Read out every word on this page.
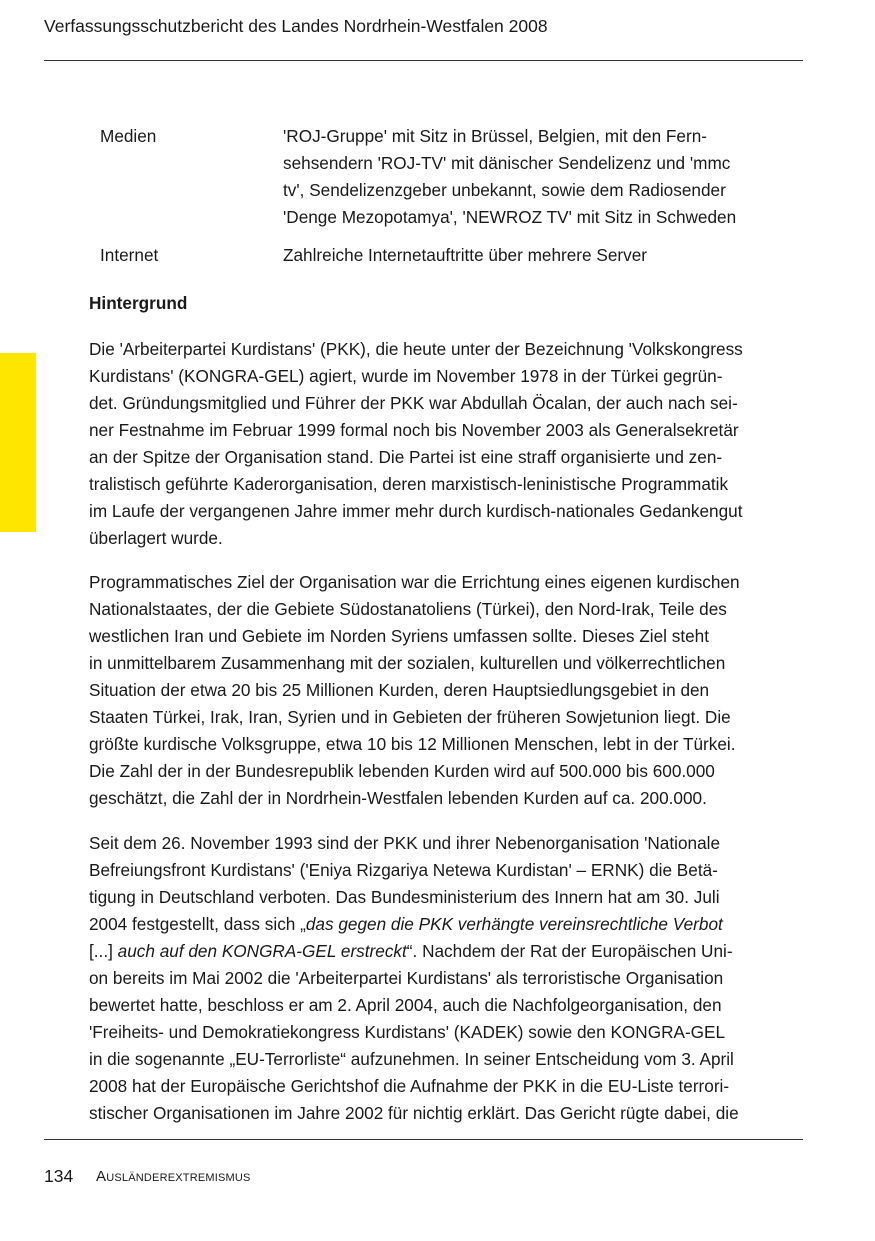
Verfassungsschutzbericht des Landes Nordrhein-Westfalen 2008
Medien	'ROJ-Gruppe' mit Sitz in Brüssel, Belgien, mit den Fern-
sehsendern 'ROJ-TV' mit dänischer Sendelizenz und 'mmc
tv', Sendelizenzgeber unbekannt, sowie dem Radiosender
'Denge Mezopotamya', 'NEWROZ TV' mit Sitz in Schweden
Internet	Zahlreiche Internetauftritte über mehrere Server
Hintergrund
Die 'Arbeiterpartei Kurdistans' (PKK), die heute unter der Bezeichnung 'Volkskongress
Kurdistans' (KONGRA-GEL) agiert, wurde im November 1978 in der Türkei gegrün-
det. Gründungsmitglied und Führer der PKK war Abdullah Öcalan, der auch nach sei-
ner Festnahme im Februar 1999 formal noch bis November 2003 als Generalsekretär
an der Spitze der Organisation stand. Die Partei ist eine straff organisierte und zen-
tralistisch geführte Kaderorganisation, deren marxistisch-leninistische Programmatik
im Laufe der vergangenen Jahre immer mehr durch kurdisch-nationales Gedankengut
überlagert wurde.
Programmatisches Ziel der Organisation war die Errichtung eines eigenen kurdischen
Nationalstaates, der die Gebiete Südostanatoliens (Türkei), den Nord-Irak, Teile des
westlichen Iran und Gebiete im Norden Syriens umfassen sollte. Dieses Ziel steht
in unmittelbarem Zusammenhang mit der sozialen, kulturellen und völkerrechtlichen
Situation der etwa 20 bis 25 Millionen Kurden, deren Hauptsiedlungsgebiet in den
Staaten Türkei, Irak, Iran, Syrien und in Gebieten der früheren Sowjetunion liegt. Die
größte kurdische Volksgruppe, etwa 10 bis 12 Millionen Menschen, lebt in der Türkei.
Die Zahl der in der Bundesrepublik lebenden Kurden wird auf 500.000 bis 600.000
geschätzt, die Zahl der in Nordrhein-Westfalen lebenden Kurden auf ca. 200.000.
Seit dem 26. November 1993 sind der PKK und ihrer Nebenorganisation 'Nationale
Befreiungsfront Kurdistans' ('Eniya Rizgariya Netewa Kurdistan' – ERNK) die Betä-
tigung in Deutschland verboten. Das Bundesministerium des Innern hat am 30. Juli
2004 festgestellt, dass sich „das gegen die PKK verhängte vereinsrechtliche Verbot
[...] auch auf den KONGRA-GEL erstreckt“. Nachdem der Rat der Europäischen Uni-
on bereits im Mai 2002 die 'Arbeiterpartei Kurdistans' als terroristische Organisation
bewertet hatte, beschloss er am 2. April 2004, auch die Nachfolgeorganisation, den
'Freiheits- und Demokratiekongress Kurdistans' (KADEK) sowie den KONGRA-GEL
in die sogenannte „EU-Terrorliste“ aufzunehmen. In seiner Entscheidung vom 3. April
2008 hat der Europäische Gerichtshof die Aufnahme der PKK in die EU-Liste terrori-
stischer Organisationen im Jahre 2002 für nichtig erklärt. Das Gericht rügte dabei, die
134 Ausländerextremismus
